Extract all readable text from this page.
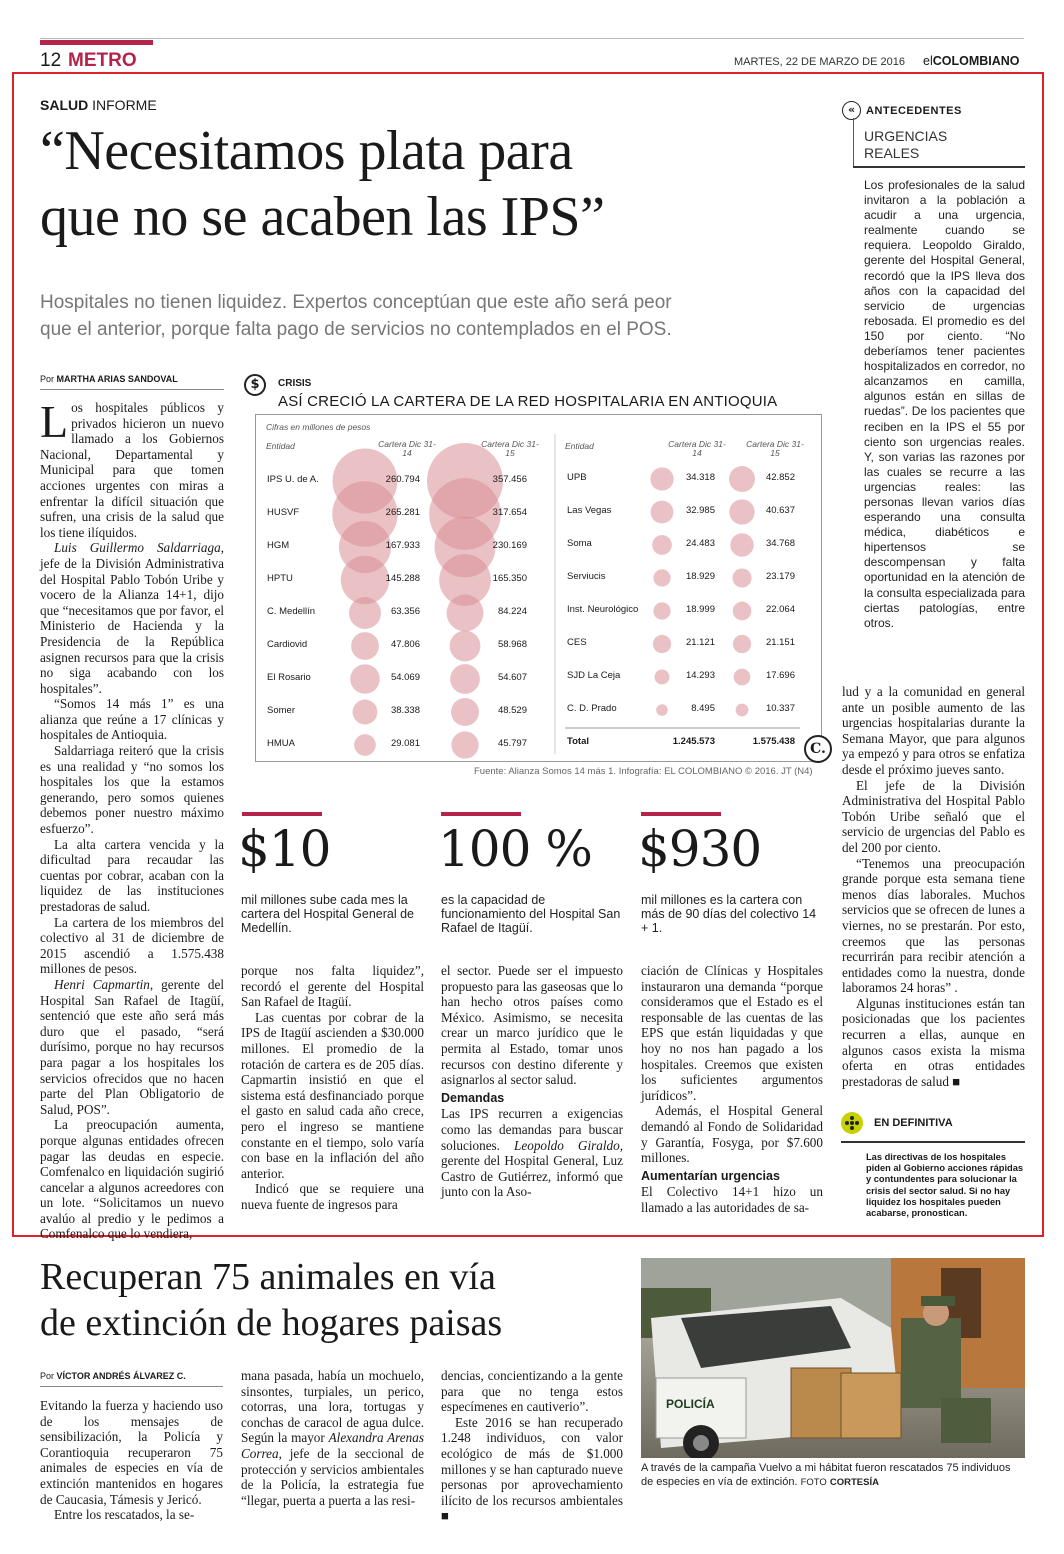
12 METRO	MARTES, 22 DE MARZO DE 2016 elCOLOMBIANO
SALUD INFORME
“Necesitamos plata para
que no se acaben las IPS”
Hospitales no tienen liquidez. Expertos conceptúan que este año será peor
que el anterior, porque falta pago de servicios no contemplados en el POS.
« ANTECEDENTES
URGENCIAS
REALES
Los profesionales de la salud invitaron a la población a acudir a una urgencia, realmente cuando se requiera. Leopoldo Giraldo, gerente del Hospital General, recordó que la IPS lleva dos años con la capacidad del servicio de urgencias rebosada. El promedio es del 150 por ciento. “No deberíamos tener pacientes hospitalizados en corredor, no alcanzamos en camilla, algunos están en sillas de ruedas”. De los pacientes que reciben en la IPS el 55 por ciento son urgencias reales. Y, son varias las razones por las cuales se recurre a las urgencias reales: las personas llevan varios días esperando una consulta médica, diabéticos e hipertensos se descompensan y falta oportunidad en la atención de la consulta especializada para ciertas patologías, entre otros.
Por MARTHA ARIAS SANDOVAL

Los hospitales públicos y privados hicieron un nuevo llamado a los Gobiernos Nacional, Departamental y Municipal para que tomen acciones urgentes con miras a enfrentar la difícil situación que sufren, una crisis de la salud que los tiene ilíquidos.

Luis Guillermo Saldarriaga, jefe de la División Administrativa del Hospital Pablo Tobón Uribe y vocero de la Alianza 14+1, dijo que “necesitamos que por favor, el Ministerio de Hacienda y la Presidencia de la República asignen recursos para que la crisis no siga acabando con los hospitales”.

“Somos 14 más 1” es una alianza que reúne a 17 clínicas y hospitales de Antioquia.

Saldarriaga reiteró que la crisis es una realidad y “no somos los hospitales los que la estamos generando, pero somos quienes debemos poner nuestro máximo esfuerzo”.

La alta cartera vencida y la dificultad para recaudar las cuentas por cobrar, acaban con la liquidez de las instituciones prestadoras de salud.

La cartera de los miembros del colectivo al 31 de diciembre de 2015 ascendió a 1.575.438 millones de pesos.

Henri Capmartin, gerente del Hospital San Rafael de Itagüí, sentenció que este año será más duro que el pasado, “será durísimo, porque no hay recursos para pagar a los hospitales los servicios ofrecidos que no hacen parte del Plan Obligatorio de Salud, POS”.

La preocupación aumenta, porque algunas entidades ofrecen pagar las deudas en especie. Comfenalco en liquidación sugirió cancelar a algunos acreedores con un lote. “Solicitamos un nuevo avalúo al predio y le pedimos a Comfenalco que lo vendiera,

$	CRISIS
ASÍ CRECIÓ LA CARTERA DE LA RED HOSPITALARIA EN ANTIOQUIA
Cifras en millones de pesos
Entidad	Cartera Dic 31-14
Cartera Dic 31-15
Entidad	Cartera Dic 31-14
Cartera Dic 31-15
IPS U. de A.	260.794	357.456
HUSVF	265.281	317.654
HGM	167.933	230.169
HPTU	145.288	165.350
C. Medellín	63.356	84.224
Cardiovid	47.806	58.968
El Rosario	54.069	54.607
Somer	38.338	48.529
HMUA	29.081	45.797
UPB	34.318	42.852
Las Vegas	32.985	40.637
Soma	24.483	34.768
Serviucis	18.929	23.179
Inst. Neurológico	18.999	22.064
CES	21.121	21.151
SJD La Ceja	14.293	17.696
C. D. Prado	8.495	10.337
Total	1.245.573	1.575.438	C.
Fuente: Alianza Somos 14 más 1. Infografía: EL COLOMBIANO © 2016. JT (N4)
$10
mil millones sube cada mes la cartera del Hospital General de Medellín.
100 %
es la capacidad de funcionamiento del Hospital San Rafael de Itagüí.
$930
mil millones es la cartera con más de 90 días del colectivo 14 + 1.

porque nos falta liquidez”, recordó el gerente del Hospital San Rafael de Itagüí.

Las cuentas por cobrar de la IPS de Itagüí ascienden a $30.000 millones. El promedio de la rotación de cartera es de 205 días. Capmartin insistió en que el sistema está desfinanciado porque el gasto en salud cada año crece, pero el ingreso se mantiene constante en el tiempo, solo varía con base en la inflación del año anterior.

Indicó que se requiere una nueva fuente de ingresos para

el sector. Puede ser el impuesto propuesto para las gaseosas que lo han hecho otros países como México. Asimismo, se necesita crear un marco jurídico que le permita al Estado, tomar unos recursos con destino diferente y asignarlos al sector salud.

Demandas

Las IPS recurren a exigencias como las demandas para buscar soluciones. Leopoldo Giraldo, gerente del Hospital General, Luz Castro de Gutiérrez, informó que junto con la Aso-

ciación de Clínicas y Hospitales instauraron una demanda “porque consideramos que el Estado es el responsable de las cuentas de las EPS que están liquidadas y que hoy no nos han pagado a los hospitales. Creemos que existen los suficientes argumentos jurídicos”.

Además, el Hospital General demandó al Fondo de Solidaridad y Garantía, Fosyga, por $7.600 millones.

Aumentarían urgencias

El Colectivo 14+1 hizo un llamado a las autoridades de sa-

lud y a la comunidad en general ante un posible aumento de las urgencias hospitalarias durante la Semana Mayor, que para algunos ya empezó y para otros se enfatiza desde el próximo jueves santo.

El jefe de la División Administrativa del Hospital Pablo Tobón Uribe señaló que el servicio de urgencias del Pablo es del 200 por ciento.

“Tenemos una preocupación grande porque esta semana tiene menos días laborales. Muchos servicios que se ofrecen de lunes a viernes, no se prestarán. Por esto, creemos que las personas recurrirán para recibir atención a entidades como la nuestra, donde laboramos 24 horas” .

Algunas instituciones están tan posicionadas que los pacientes recurren a ellas, aunque en algunos casos exista la misma oferta en otras entidades prestadoras de salud ■

EN DEFINITIVA
Las directivas de los hospitales piden al Gobierno acciones rápidas y contundentes para solucionar la crisis del sector salud. Si no hay liquidez los hospitales pueden acabarse, pronostican.
Recuperan 75 animales en vía
de extinción de hogares paisas
Por VÍCTOR ANDRÉS ÁLVAREZ C.

Evitando la fuerza y haciendo uso de los mensajes de sensibilización, la Policía y Corantioquia recuperaron 75 animales de especies en vía de extinción mantenidos en hogares de Caucasia, Támesis y Jericó.

Entre los rescatados, la se-

mana pasada, había un mochuelo, sinsontes, turpiales, un perico, cotorras, una lora, tortugas y conchas de caracol de agua dulce. Según la mayor Alexandra Arenas Correa, jefe de la seccional de protección y servicios ambientales de la Policía, la estrategia fue “llegar, puerta a puerta a las resi-

dencias, concientizando a la gente para que no tenga estos especímenes en cautiverio”.

Este 2016 se han recuperado 1.248 individuos, con valor ecológico de más de $1.000 millones y se han capturado nueve personas por aprovechamiento ilícito de los recursos ambientales ■

POLICÍA
A través de la campaña Vuelvo a mi hábitat fueron rescatados 75 individuos de especies en vía de extinción. FOTO CORTESÍA
